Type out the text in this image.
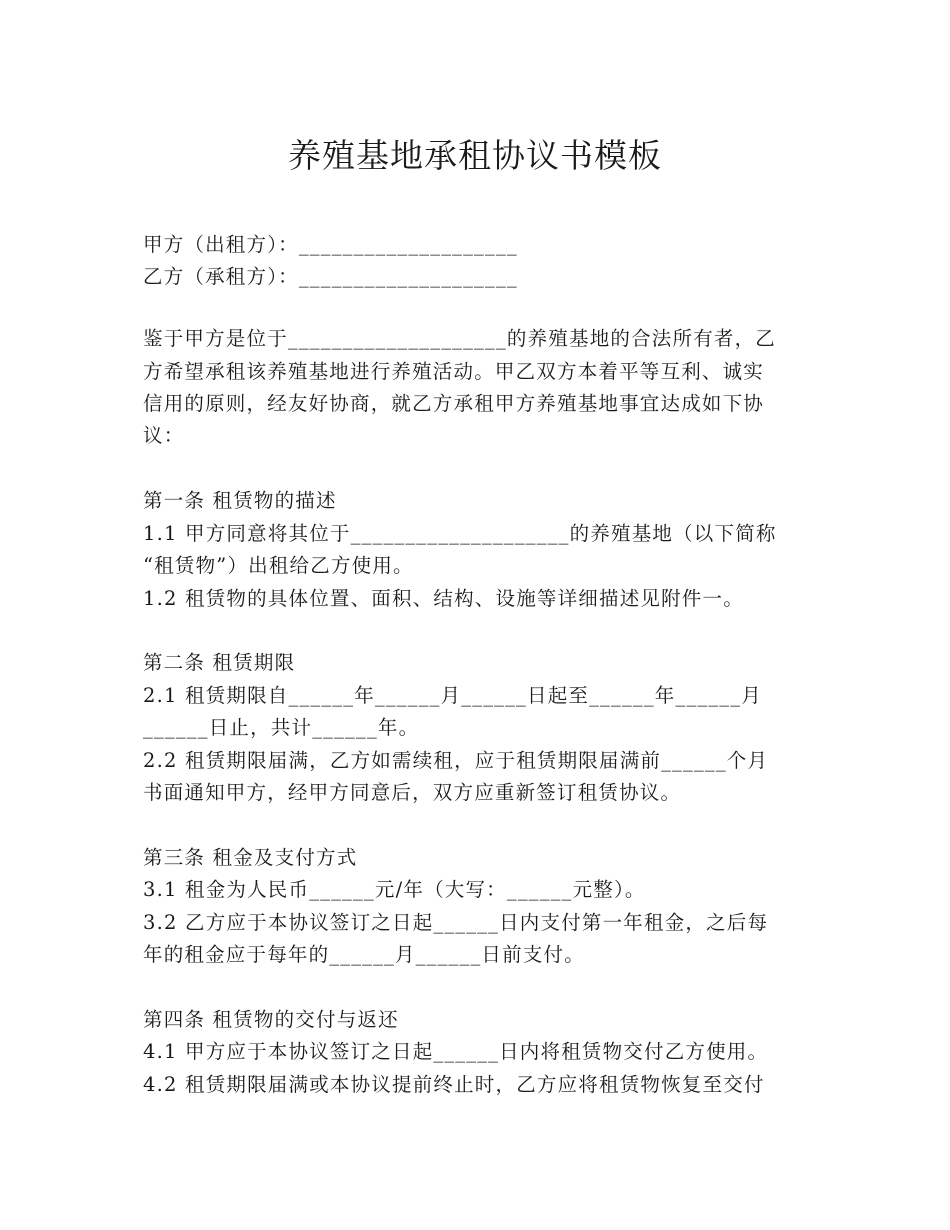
养殖基地承租协议书模板
甲方（出租方）：____________________
乙方（承租方）：____________________
鉴于甲方是位于____________________的养殖基地的合法所有者，乙
方希望承租该养殖基地进行养殖活动。甲乙双方本着平等互利、诚实
信用的原则，经友好协商，就乙方承租甲方养殖基地事宜达成如下协
议：
第一条 租赁物的描述
1.1 甲方同意将其位于____________________的养殖基地（以下简称
“租赁物”）出租给乙方使用。
1.2 租赁物的具体位置、面积、结构、设施等详细描述见附件一。
第二条 租赁期限
2.1 租赁期限自______年______月______日起至______年______月
______日止，共计______年。
2.2 租赁期限届满，乙方如需续租，应于租赁期限届满前______个月
书面通知甲方，经甲方同意后，双方应重新签订租赁协议。
第三条 租金及支付方式
3.1 租金为人民币______元/年（大写：______元整）。
3.2 乙方应于本协议签订之日起______日内支付第一年租金，之后每
年的租金应于每年的______月______日前支付。
第四条 租赁物的交付与返还
4.1 甲方应于本协议签订之日起______日内将租赁物交付乙方使用。
4.2 租赁期限届满或本协议提前终止时，乙方应将租赁物恢复至交付
